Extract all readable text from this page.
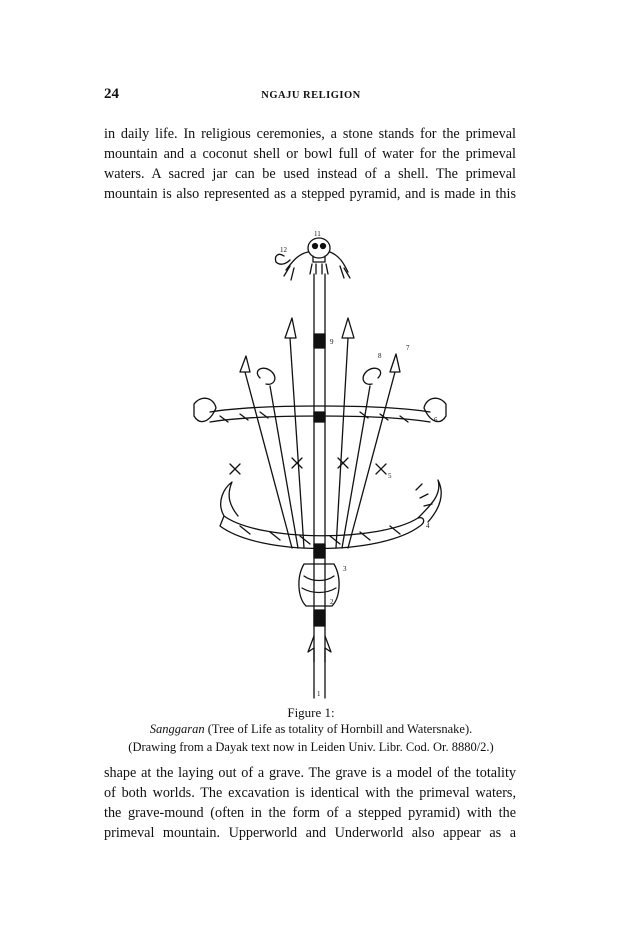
24	NGAJU RELIGION

in daily life. In religious ceremonies, a stone stands for the primeval
mountain and a coconut shell or bowl full of water for the primeval
waters. A sacred jar can be used instead of a shell. The primeval
mountain is also represented as a stepped pyramid, and is made in this

11
12
9
7
8
6
5
4
3
2
1
Figure 1:
Sanggaran (Tree of Life as totality of Hornbill and Watersnake).
(Drawing from a Dayak text now in Leiden Univ. Libr. Cod. Or. 8880/2.)

shape at the laying out of a grave. The grave is a model of the totality
of both worlds. The excavation is identical with the primeval waters,
the grave-mound (often in the form of a stepped pyramid) with the
primeval mountain. Upperworld and Underworld also appear as a
